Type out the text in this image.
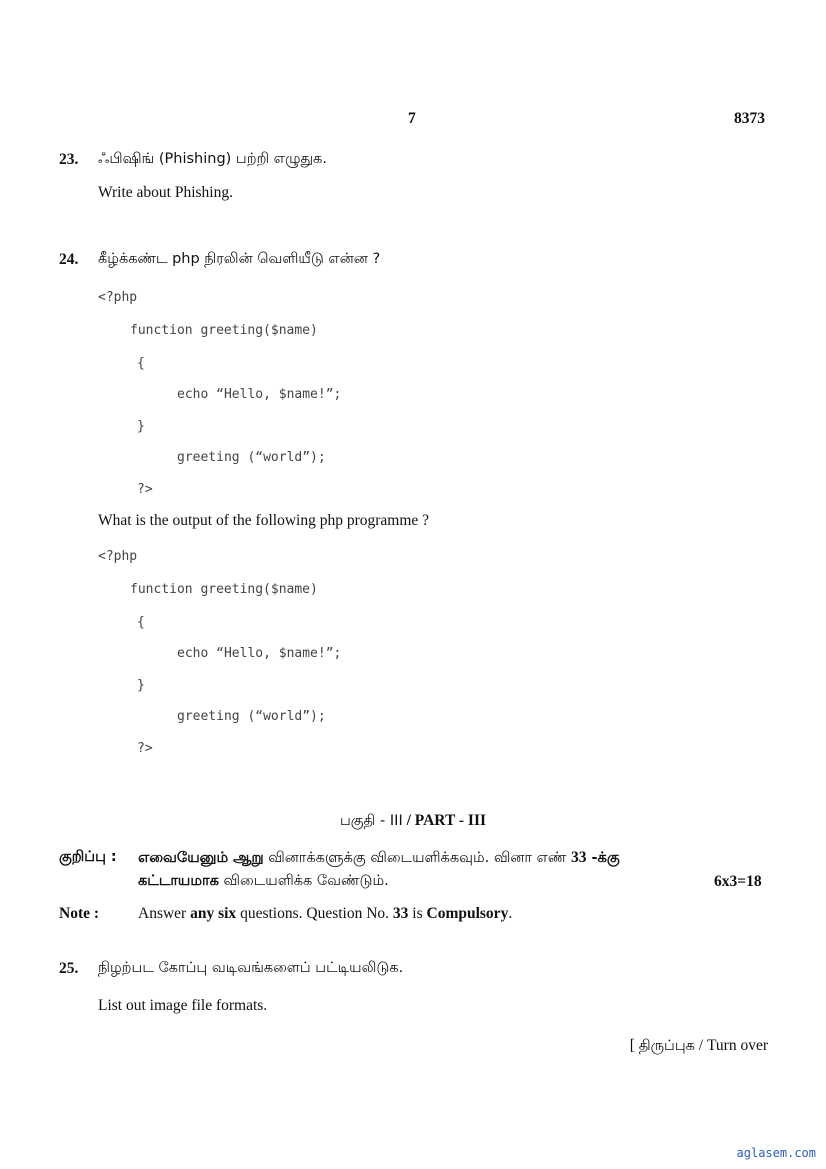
7	8373
23. ஃபிஷிங் (Phishing) பற்றி எழுதுக.
Write about Phishing.
24. கீழ்க்கண்ட php நிரலின் வெளியீடு என்ன ?
<?php
function greeting($name)
{
echo “Hello, $name!”;
}
greeting (“world”);
?>
What is the output of the following php programme ?
<?php
function greeting($name)
{
echo “Hello, $name!”;
}
greeting (“world”);
?>
பகுதி - III / PART - III
குறிப்பு : எவையேனும் ஆறு வினாக்களுக்கு விடையளிக்கவும். வினா எண் 33 -க்கு
கட்டாயமாக விடையளிக்க வேண்டும்.	6x3=18
Note :	Answer any six questions. Question No. 33 is Compulsory.
25. நிழற்பட கோப்பு வடிவங்களைப் பட்டியலிடுக.
List out image file formats.
[ திருப்புக / Turn over
aglasem.com
